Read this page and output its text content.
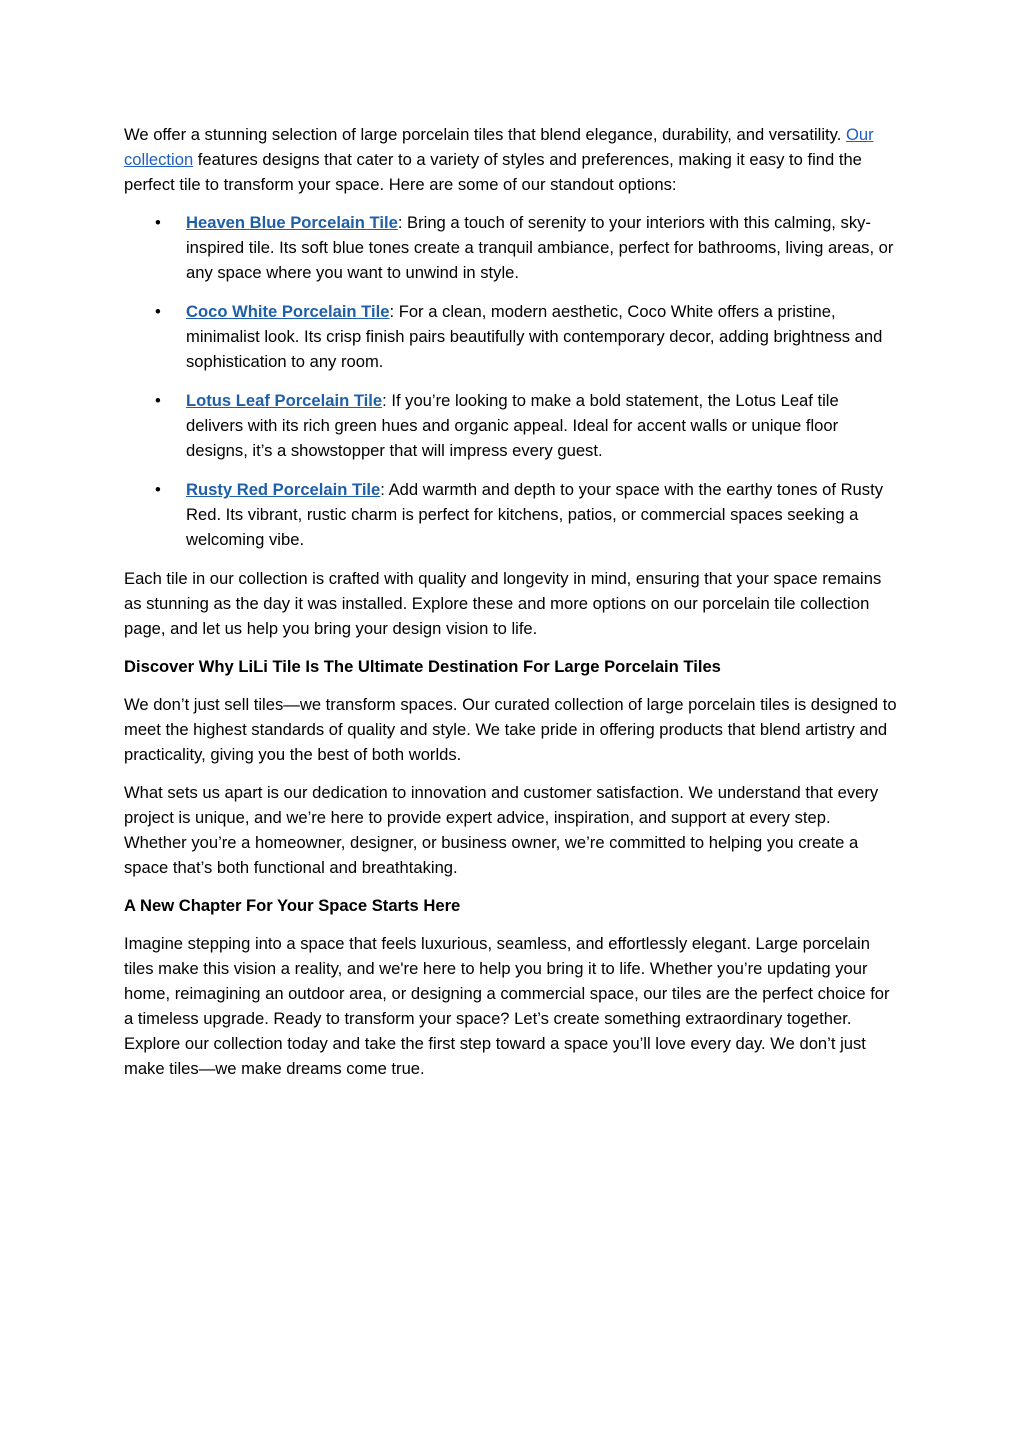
We offer a stunning selection of large porcelain tiles that blend elegance, durability, and versatility. Our collection features designs that cater to a variety of styles and preferences, making it easy to find the perfect tile to transform your space. Here are some of our standout options:

• Heaven Blue Porcelain Tile: Bring a touch of serenity to your interiors with this calming, sky-inspired tile. Its soft blue tones create a tranquil ambiance, perfect for bathrooms, living areas, or any space where you want to unwind in style.
• Coco White Porcelain Tile: For a clean, modern aesthetic, Coco White offers a pristine, minimalist look. Its crisp finish pairs beautifully with contemporary decor, adding brightness and sophistication to any room.
• Lotus Leaf Porcelain Tile: If you’re looking to make a bold statement, the Lotus Leaf tile delivers with its rich green hues and organic appeal. Ideal for accent walls or unique floor designs, it’s a showstopper that will impress every guest.
• Rusty Red Porcelain Tile: Add warmth and depth to your space with the earthy tones of Rusty Red. Its vibrant, rustic charm is perfect for kitchens, patios, or commercial spaces seeking a welcoming vibe.

Each tile in our collection is crafted with quality and longevity in mind, ensuring that your space remains as stunning as the day it was installed. Explore these and more options on our porcelain tile collection page, and let us help you bring your design vision to life.

Discover Why LiLi Tile Is The Ultimate Destination For Large Porcelain Tiles

We don’t just sell tiles—we transform spaces. Our curated collection of large porcelain tiles is designed to meet the highest standards of quality and style. We take pride in offering products that blend artistry and practicality, giving you the best of both worlds.

What sets us apart is our dedication to innovation and customer satisfaction. We understand that every project is unique, and we’re here to provide expert advice, inspiration, and support at every step. Whether you’re a homeowner, designer, or business owner, we’re committed to helping you create a space that’s both functional and breathtaking.

A New Chapter For Your Space Starts Here

Imagine stepping into a space that feels luxurious, seamless, and effortlessly elegant. Large porcelain tiles make this vision a reality, and we're here to help you bring it to life. Whether you’re updating your home, reimagining an outdoor area, or designing a commercial space, our tiles are the perfect choice for a timeless upgrade. Ready to transform your space? Let’s create something extraordinary together. Explore our collection today and take the first step toward a space you’ll love every day. We don’t just make tiles—we make dreams come true.
